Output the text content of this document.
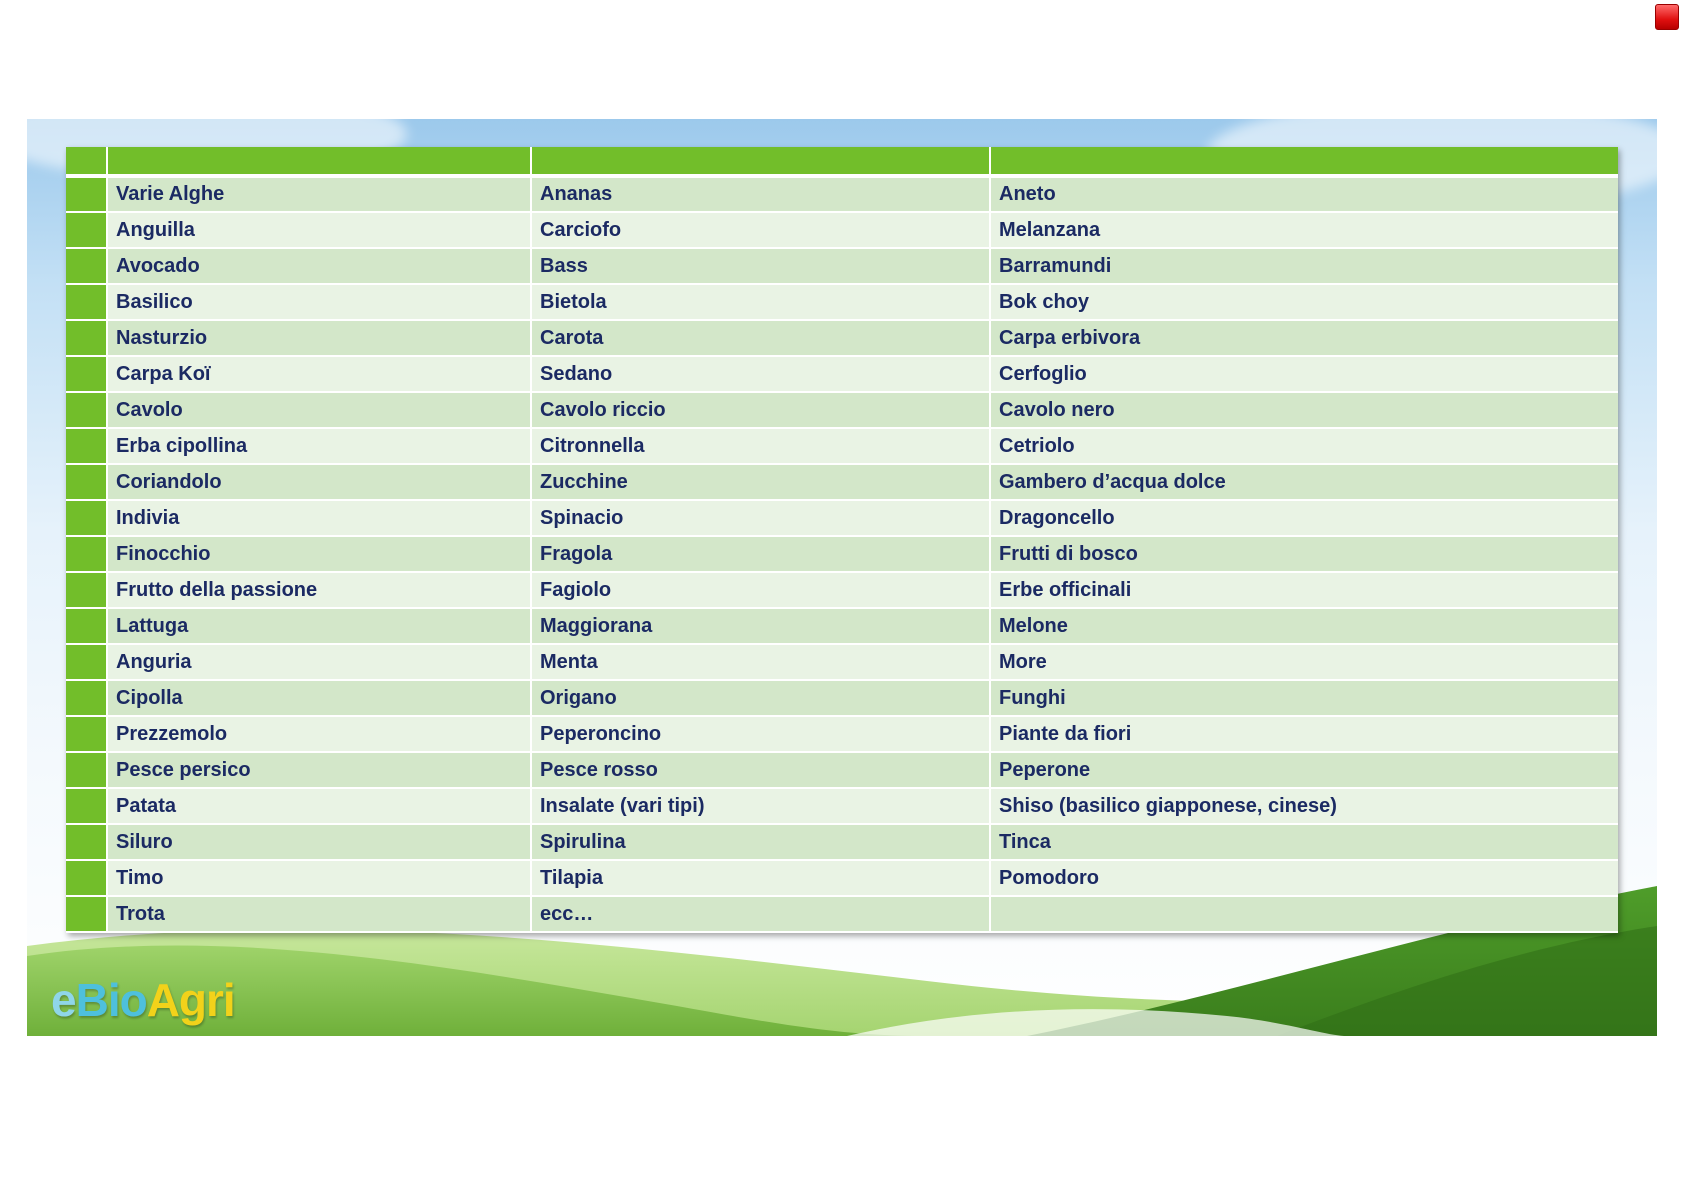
	Varie Alghe	Ananas	Aneto
	Anguilla	Carciofo	Melanzana
	Avocado	Bass	Barramundi
	Basilico	Bietola	Bok choy
	Nasturzio	Carota	Carpa erbivora
	Carpa Koï	Sedano	Cerfoglio
	Cavolo	Cavolo riccio	Cavolo nero
	Erba cipollina	Citronnella	Cetriolo
	Coriandolo	Zucchine	Gambero d’acqua dolce
	Indivia	Spinacio	Dragoncello
	Finocchio	Fragola	Frutti di bosco
	Frutto della passione	Fagiolo	Erbe officinali
	Lattuga	Maggiorana	Melone
	Anguria	Menta	More
	Cipolla	Origano	Funghi
	Prezzemolo	Peperoncino	Piante da fiori
	Pesce persico	Pesce rosso	Peperone
	Patata	Insalate (vari tipi)	Shiso (basilico giapponese, cinese)
	Siluro	Spirulina	Tinca
	Timo	Tilapia	Pomodoro
	Trota	ecc…	
eBioAgri
